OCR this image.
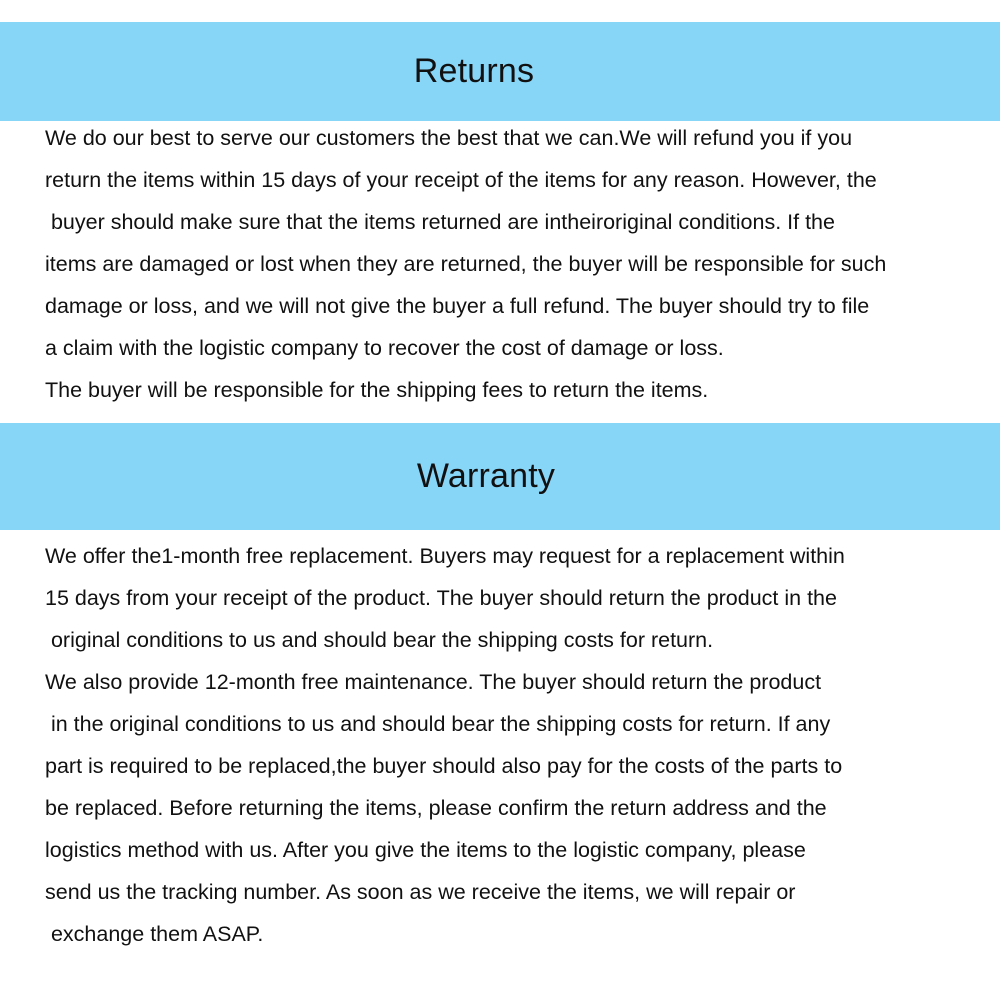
Returns
We do our best to serve our customers the best that we can.We will refund you if you
return the items within 15 days of your receipt of the items for any reason. However, the
buyer should make sure that the items returned are intheiroriginal conditions. If the
items are damaged or lost when they are returned, the buyer will be responsible for such
damage or loss, and we will not give the buyer a full refund. The buyer should try to file
a claim with the logistic company to recover the cost of damage or loss.
The buyer will be responsible for the shipping fees to return the items.
Warranty
We offer the1-month free replacement. Buyers may request for a replacement within
15 days from your receipt of the product. The buyer should return the product in the
original conditions to us and should bear the shipping costs for return.
We also provide 12-month free maintenance. The buyer should return the product
in the original conditions to us and should bear the shipping costs for return. If any
part is required to be replaced,the buyer should also pay for the costs of the parts to
be replaced. Before returning the items, please confirm the return address and the
logistics method with us. After you give the items to the logistic company, please
send us the tracking number. As soon as we receive the items, we will repair or
exchange them ASAP.
